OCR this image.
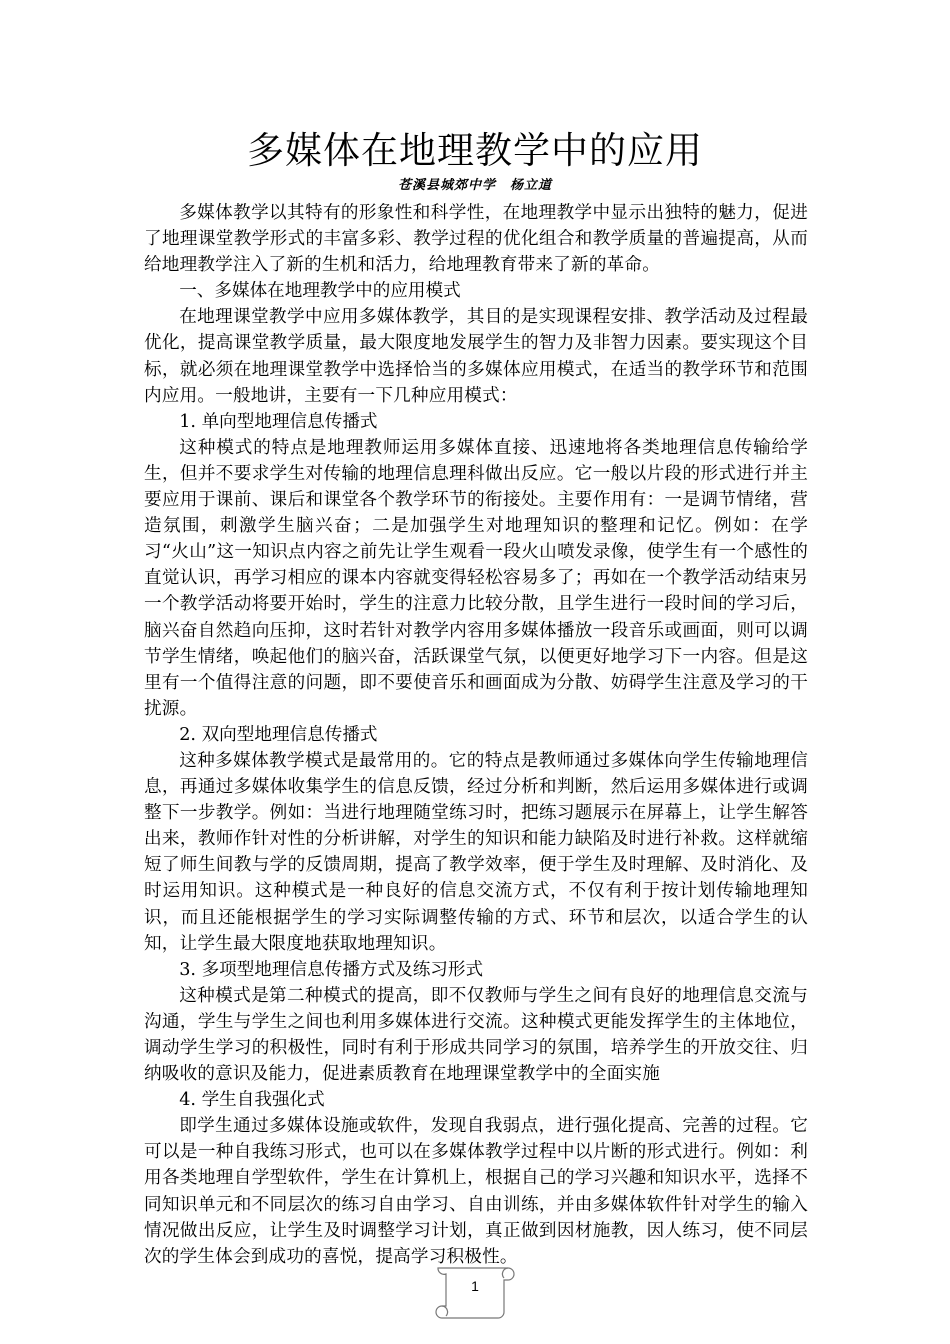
多媒体在地理教学中的应用
苍溪县城郊中学　杨立道

多媒体教学以其特有的形象性和科学性，在地理教学中显示出独特的魅力，促进了地理课堂教学形式的丰富多彩、教学过程的优化组合和教学质量的普遍提高，从而给地理教学注入了新的生机和活力，给地理教育带来了新的革命。

一、多媒体在地理教学中的应用模式

在地理课堂教学中应用多媒体教学，其目的是实现课程安排、教学活动及过程最优化，提高课堂教学质量，最大限度地发展学生的智力及非智力因素。要实现这个目标，就必须在地理课堂教学中选择恰当的多媒体应用模式，在适当的教学环节和范围内应用。一般地讲，主要有一下几种应用模式：

1. 单向型地理信息传播式

这种模式的特点是地理教师运用多媒体直接、迅速地将各类地理信息传输给学生，但并不要求学生对传输的地理信息理科做出反应。它一般以片段的形式进行并主要应用于课前、课后和课堂各个教学环节的衔接处。主要作用有：一是调节情绪，营造氛围，刺激学生脑兴奋；二是加强学生对地理知识的整理和记忆。例如：在学习“火山”这一知识点内容之前先让学生观看一段火山喷发录像，使学生有一个感性的直觉认识，再学习相应的课本内容就变得轻松容易多了；再如在一个教学活动结束另一个教学活动将要开始时，学生的注意力比较分散，且学生进行一段时间的学习后，脑兴奋自然趋向压抑，这时若针对教学内容用多媒体播放一段音乐或画面，则可以调节学生情绪，唤起他们的脑兴奋，活跃课堂气氛，以便更好地学习下一内容。但是这里有一个值得注意的问题，即不要使音乐和画面成为分散、妨碍学生注意及学习的干扰源。

2. 双向型地理信息传播式

这种多媒体教学模式是最常用的。它的特点是教师通过多媒体向学生传输地理信息，再通过多媒体收集学生的信息反馈，经过分析和判断，然后运用多媒体进行或调整下一步教学。例如：当进行地理随堂练习时，把练习题展示在屏幕上，让学生解答出来，教师作针对性的分析讲解，对学生的知识和能力缺陷及时进行补救。这样就缩短了师生间教与学的反馈周期，提高了教学效率，便于学生及时理解、及时消化、及时运用知识。这种模式是一种良好的信息交流方式，不仅有利于按计划传输地理知识，而且还能根据学生的学习实际调整传输的方式、环节和层次，以适合学生的认知，让学生最大限度地获取地理知识。

3. 多项型地理信息传播方式及练习形式

这种模式是第二种模式的提高，即不仅教师与学生之间有良好的地理信息交流与沟通，学生与学生之间也利用多媒体进行交流。这种模式更能发挥学生的主体地位，调动学生学习的积极性，同时有利于形成共同学习的氛围，培养学生的开放交往、归纳吸收的意识及能力，促进素质教育在地理课堂教学中的全面实施

4. 学生自我强化式

即学生通过多媒体设施或软件，发现自我弱点，进行强化提高、完善的过程。它可以是一种自我练习形式，也可以在多媒体教学过程中以片断的形式进行。例如：利用各类地理自学型软件，学生在计算机上，根据自己的学习兴趣和知识水平，选择不同知识单元和不同层次的练习自由学习、自由训练，并由多媒体软件针对学生的输入情况做出反应，让学生及时调整学习计划，真正做到因材施教，因人练习，使不同层次的学生体会到成功的喜悦，提高学习积极性。

1
